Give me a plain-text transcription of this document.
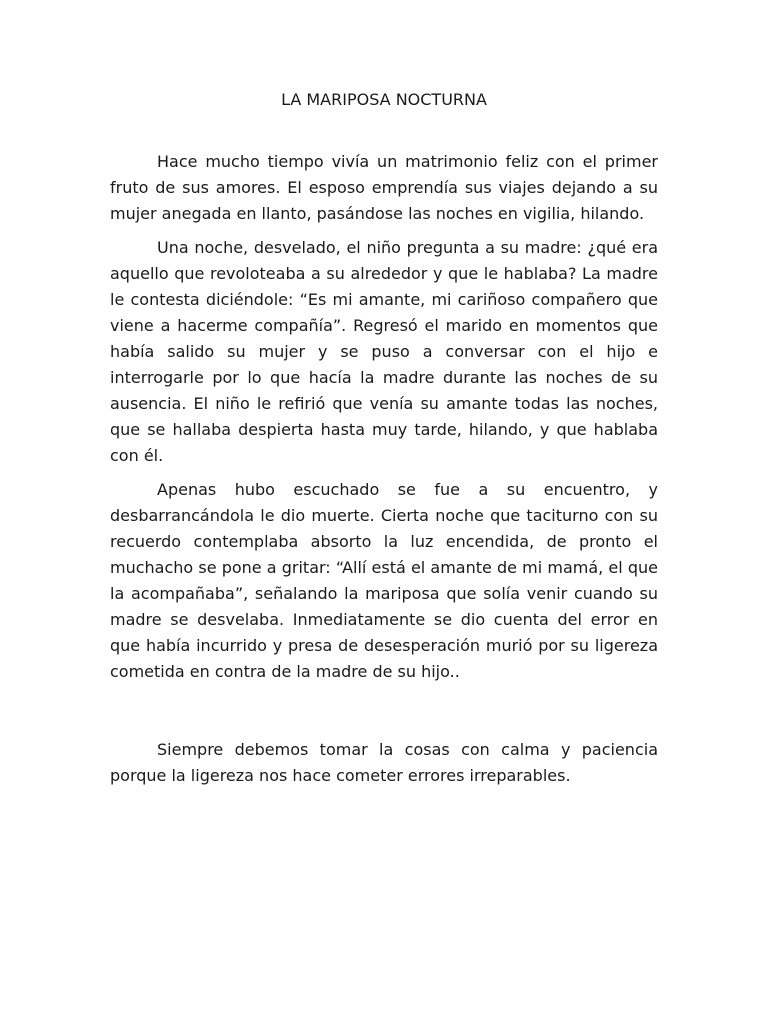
LA MARIPOSA NOCTURNA

Hace mucho tiempo vivía un matrimonio feliz con el primer fruto de sus amores. El esposo emprendía sus viajes dejando a su mujer anegada en llanto, pasándose las noches en vigilia, hilando.

Una noche, desvelado, el niño pregunta a su madre: ¿qué era aquello que revoloteaba a su alrededor y que le hablaba? La madre le contesta diciéndole: “Es mi amante, mi cariñoso compañero que viene a hacerme compañía”. Regresó el marido en momentos que había salido su mujer y se puso a conversar con el hijo e interrogarle por lo que hacía la madre durante las noches de su ausencia. El niño le refirió que venía su amante todas las noches, que se hallaba despierta hasta muy tarde, hilando, y que hablaba con él.

Apenas hubo escuchado se fue a su encuentro, y desbarrancándola le dio muerte. Cierta noche que taciturno con su recuerdo contemplaba absorto la luz encendida, de pronto el muchacho se pone a gritar: “Allí está el amante de mi mamá, el que la acompañaba”, señalando la mariposa que solía venir cuando su madre se desvelaba. Inmediatamente se dio cuenta del error en que había incurrido y presa de desesperación murió por su ligereza cometida en contra de la madre de su hijo..

Siempre debemos tomar la cosas con calma y paciencia porque la ligereza nos hace cometer errores irreparables.
